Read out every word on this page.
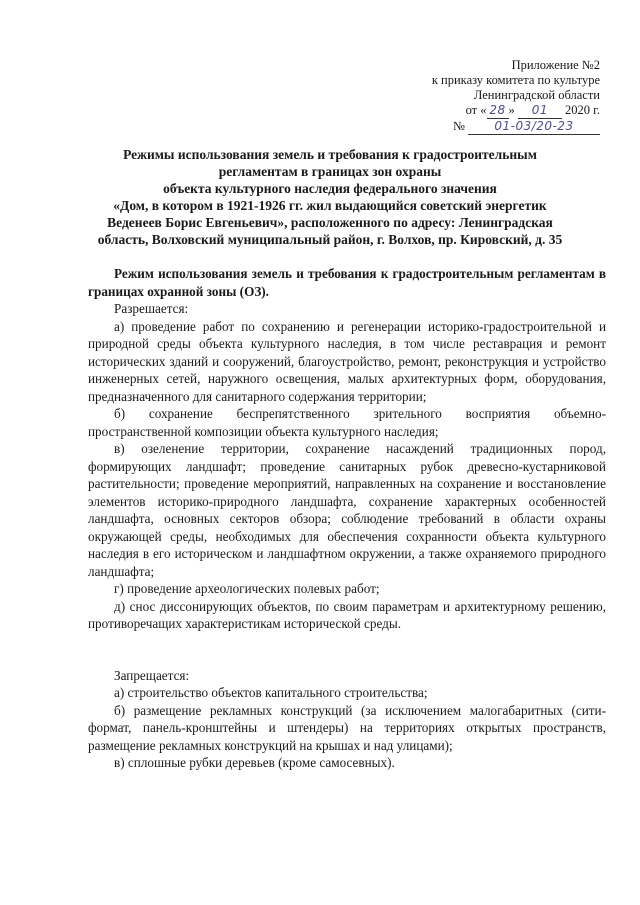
Приложение №2
к приказу комитета по культуре
Ленинградской области
от « 28 » 01 2020 г.
№ 01-03/20-23
Режимы использования земель и требования к градостроительным
регламентам в границах зон охраны
объекта культурного наследия федерального значения
«Дом, в котором в 1921-1926 гг. жил выдающийся советский энергетик
Веденеев Борис Евгеньевич», расположенного по адресу: Ленинградская
область, Волховский муниципальный район, г. Волхов, пр. Кировский, д. 35

Режим использования земель и требования к градостроительным регламентам в границах охранной зоны (ОЗ).

Разрешается:

а) проведение работ по сохранению и регенерации историко-градостроительной и природной среды объекта культурного наследия, в том числе реставрация и ремонт исторических зданий и сооружений, благоустройство, ремонт, реконструкция и устройство инженерных сетей, наружного освещения, малых архитектурных форм, оборудования, предназначенного для санитарного содержания территории;

б) сохранение беспрепятственного зрительного восприятия объемно-пространственной композиции объекта культурного наследия;

в) озеленение территории, сохранение насаждений традиционных пород, формирующих ландшафт; проведение санитарных рубок древесно-кустарниковой растительности; проведение мероприятий, направленных на сохранение и восстановление элементов историко-природного ландшафта, сохранение характерных особенностей ландшафта, основных секторов обзора; соблюдение требований в области охраны окружающей среды, необходимых для обеспечения сохранности объекта культурного наследия в его историческом и ландшафтном окружении, а также охраняемого природного ландшафта;

г) проведение археологических полевых работ;

д) снос диссонирующих объектов, по своим параметрам и архитектурному решению, противоречащих характеристикам исторической среды.

Запрещается:

а) строительство объектов капитального строительства;

б) размещение рекламных конструкций (за исключением малогабаритных (сити-формат, панель-кронштейны и штендеры) на территориях открытых пространств, размещение рекламных конструкций на крышах и над улицами);

в) сплошные рубки деревьев (кроме самосевных).
